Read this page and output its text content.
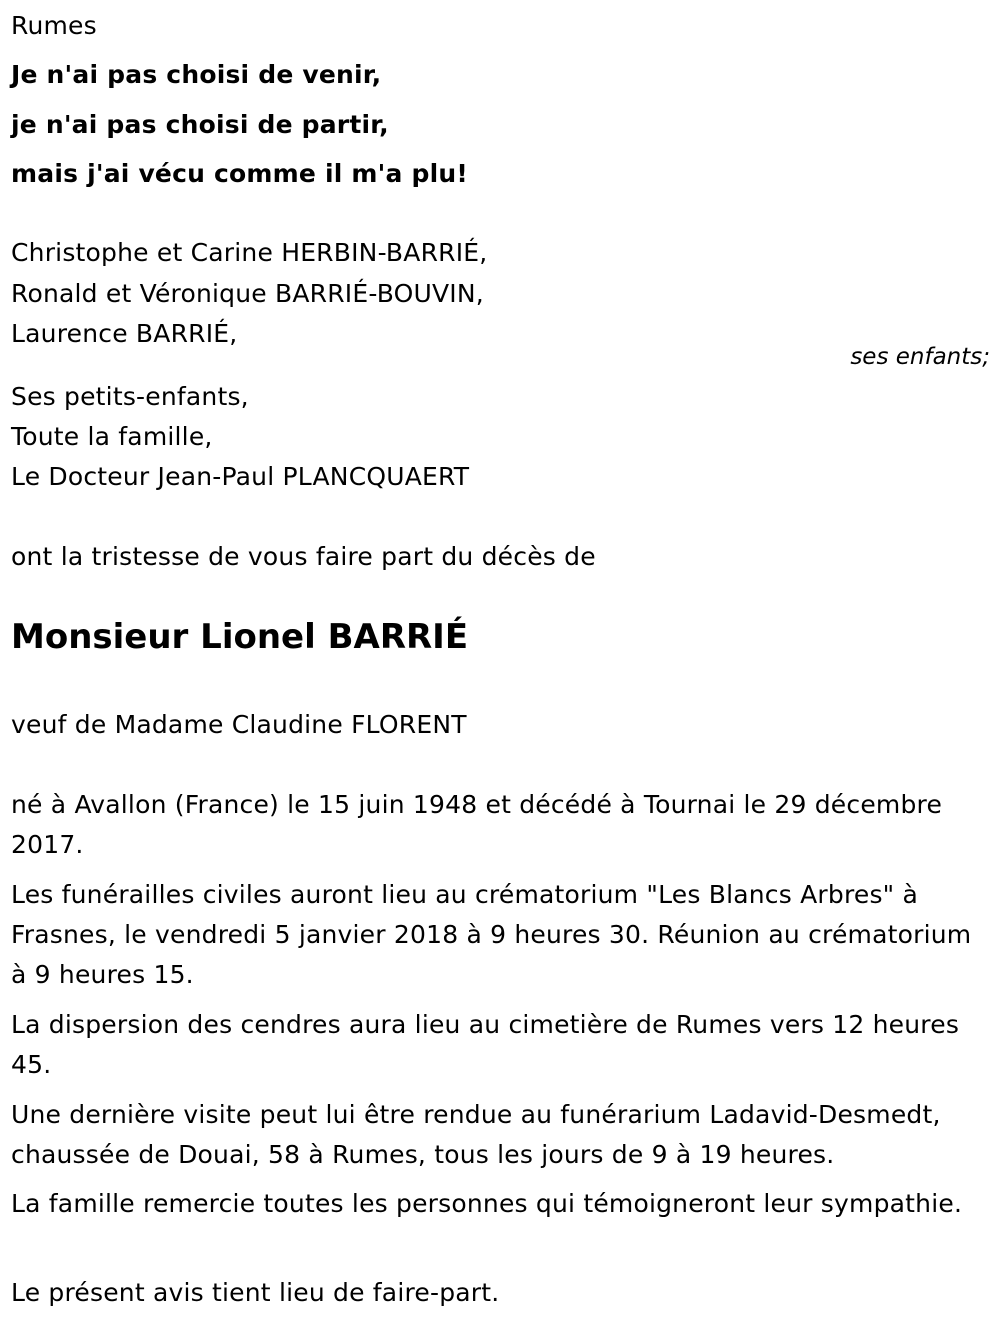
Rumes
Je n'ai pas choisi de venir,
je n'ai pas choisi de partir,
mais j'ai vécu comme il m'a plu!
Christophe et Carine HERBIN-BARRIÉ,
Ronald et Véronique BARRIÉ-BOUVIN,
Laurence BARRIÉ,
ses enfants;
Ses petits-enfants,
Toute la famille,
Le Docteur Jean-Paul PLANCQUAERT
ont la tristesse de vous faire part du décès de
Monsieur Lionel BARRIÉ
veuf de Madame Claudine FLORENT
né à Avallon (France) le 15 juin 1948 et décédé à Tournai le 29 décembre 2017.
Les funérailles civiles auront lieu au crématorium "Les Blancs Arbres" à Frasnes, le vendredi 5 janvier 2018 à 9 heures 30. Réunion au crématorium à 9 heures 15.
La dispersion des cendres aura lieu au cimetière de Rumes vers 12 heures 45.
Une dernière visite peut lui être rendue au funérarium Ladavid-Desmedt, chaussée de Douai, 58 à Rumes, tous les jours de 9 à 19 heures.
La famille remercie toutes les personnes qui témoigneront leur sympathie.
Le présent avis tient lieu de faire-part.
